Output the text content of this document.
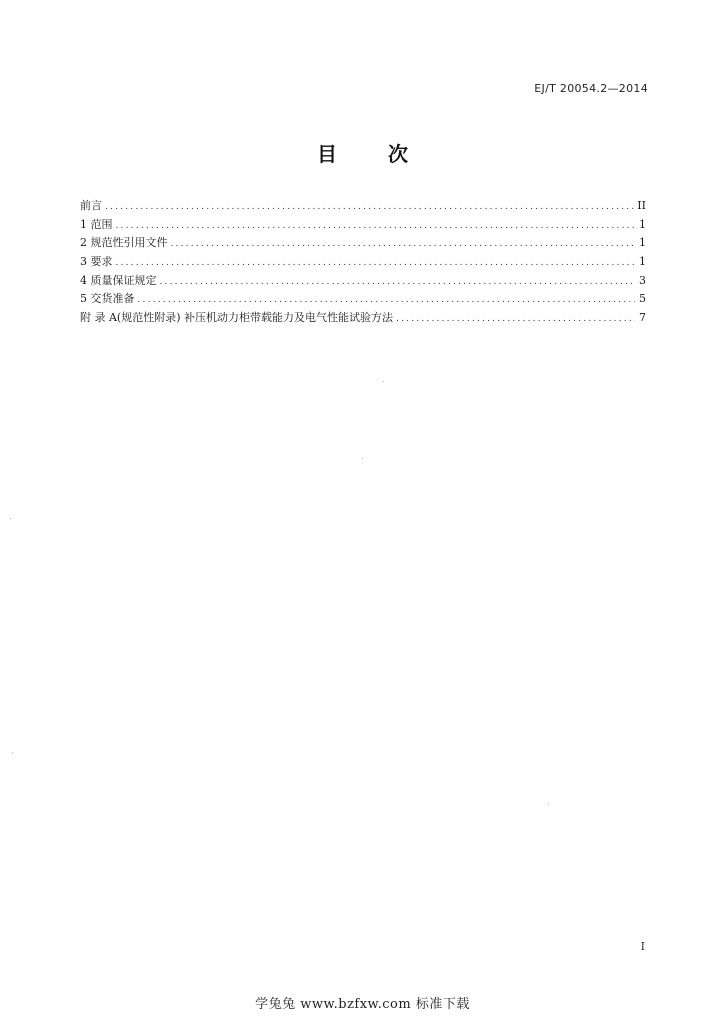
EJ/T 20054.2—2014
目 次
前言 .....	II
1 范围 .....	1
2 规范性引用文件 .....	1
3 要求 .....	1
4 质量保证规定 .....	3
5 交货准备 .....	5
附 录 A(规范性附录) 补压机动力柜带载能力及电气性能试验方法 .....	7
I
学兔兔 www.bzfxw.com 标准下载
